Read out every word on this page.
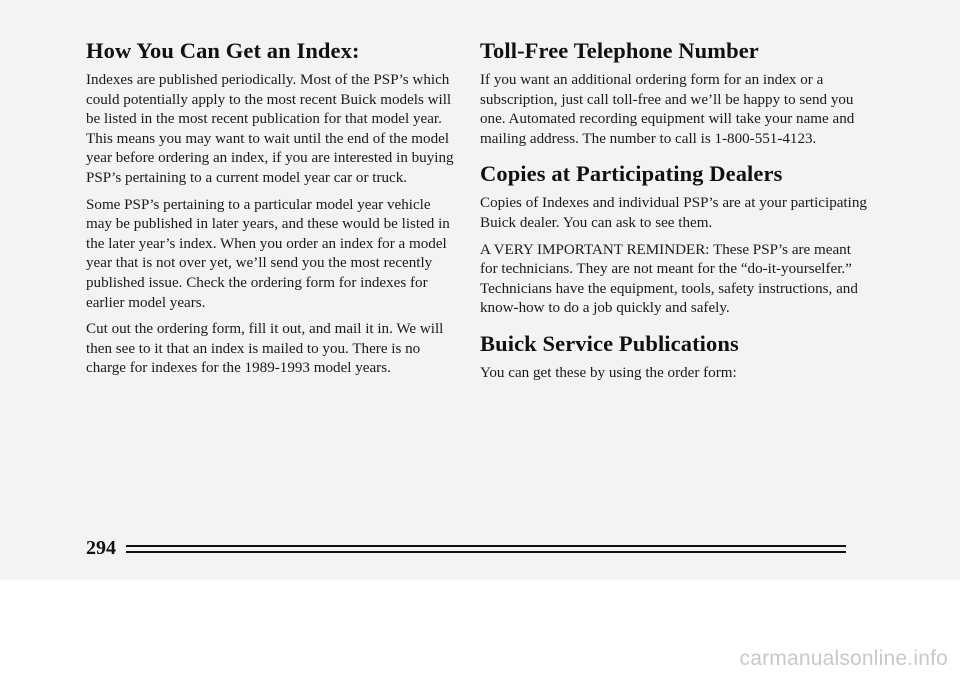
How You Can Get an Index:

Indexes are published periodically. Most of the PSP’s which could potentially apply to the most recent Buick models will be listed in the most recent publication for that model year. This means you may want to wait until the end of the model year before ordering an index, if you are interested in buying PSP’s pertaining to a current model year car or truck.

Some PSP’s pertaining to a particular model year vehicle may be published in later years, and these would be listed in the later year’s index. When you order an index for a model year that is not over yet, we’ll send you the most recently published issue. Check the ordering form for indexes for earlier model years.

Cut out the ordering form, fill it out, and mail it in. We will then see to it that an index is mailed to you. There is no charge for indexes for the 1989-1993 model years.

Toll-Free Telephone Number

If you want an additional ordering form for an index or a subscription, just call toll-free and we’ll be happy to send you one. Automated recording equipment will take your name and mailing address. The number to call is 1-800-551-4123.

Copies at Participating Dealers

Copies of Indexes and individual PSP’s are at your participating Buick dealer. You can ask to see them.

A VERY IMPORTANT REMINDER: These PSP’s are meant for technicians. They are not meant for the “do-it-yourselfer.” Technicians have the equipment, tools, safety instructions, and know-how to do a job quickly and safely.

Buick Service Publications

You can get these by using the order form:

294
carmanualsonline.info
